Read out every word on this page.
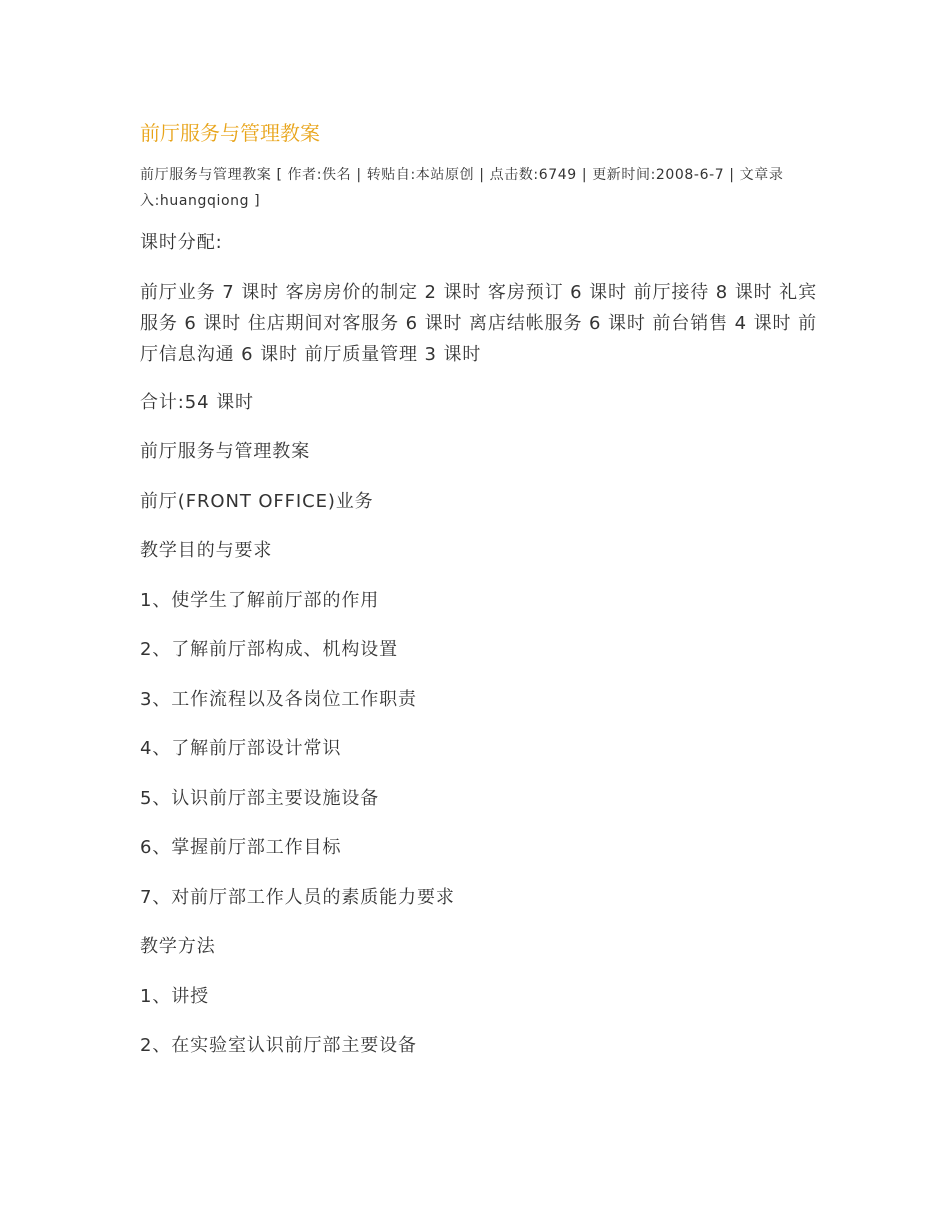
前厅服务与管理教案

前厅服务与管理教案 [ 作者:佚名 | 转贴自:本站原创 | 点击数:6749 | 更新时间:2008-6-7 | 文章录入:huangqiong ]

课时分配:

前厅业务 7 课时 客房房价的制定 2 课时 客房预订 6 课时 前厅接待 8 课时 礼宾服务 6 课时 住店期间对客服务 6 课时 离店结帐服务 6 课时 前台销售 4 课时 前厅信息沟通 6 课时 前厅质量管理 3 课时

合计:54 课时

前厅服务与管理教案

前厅(FRONT OFFICE)业务

教学目的与要求

1、使学生了解前厅部的作用

2、了解前厅部构成、机构设置

3、工作流程以及各岗位工作职责

4、了解前厅部设计常识

5、认识前厅部主要设施设备

6、掌握前厅部工作目标

7、对前厅部工作人员的素质能力要求

教学方法

1、讲授

2、在实验室认识前厅部主要设备
